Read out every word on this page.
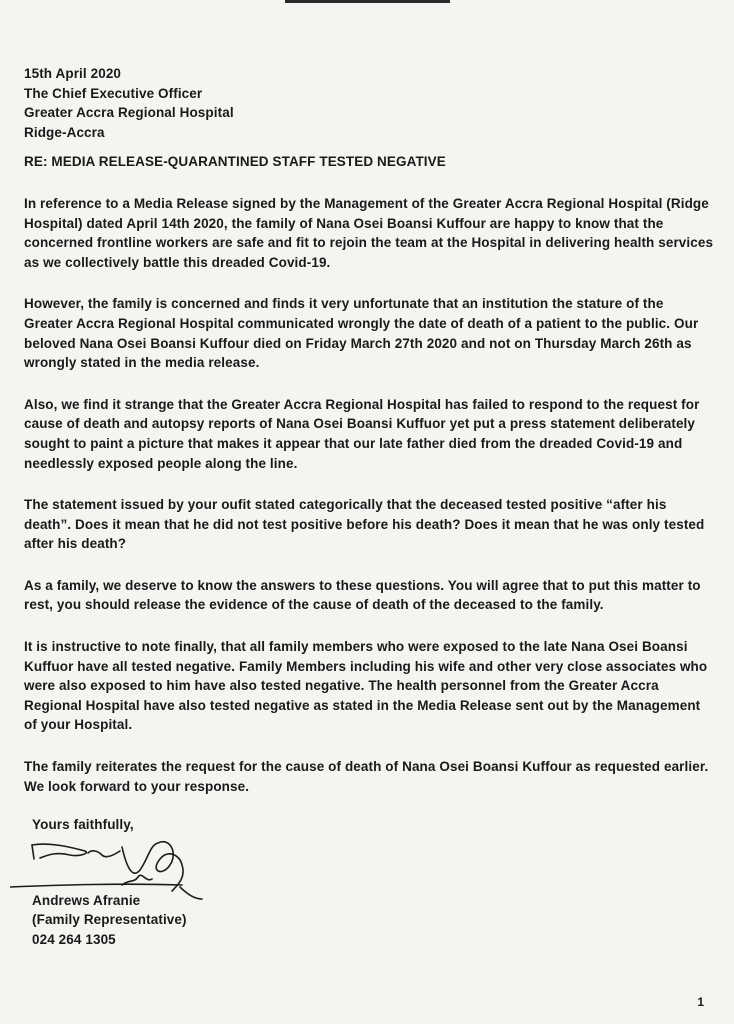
15th April 2020
The Chief Executive Officer
Greater Accra Regional Hospital
Ridge-Accra
RE: MEDIA RELEASE-QUARANTINED STAFF TESTED NEGATIVE

In reference to a Media Release signed by the Management of the Greater Accra Regional Hospital (Ridge Hospital) dated April 14th 2020, the family of Nana Osei Boansi Kuffour are happy to know that the concerned frontline workers are safe and fit to rejoin the team at the Hospital in delivering health services as we collectively battle this dreaded Covid-19.

However, the family is concerned and finds it very unfortunate that an institution the stature of the Greater Accra Regional Hospital communicated wrongly the date of death of a patient to the public. Our beloved Nana Osei Boansi Kuffour died on Friday March 27th 2020 and not on Thursday March 26th as wrongly stated in the media release.

Also, we find it strange that the Greater Accra Regional Hospital has failed to respond to the request for cause of death and autopsy reports of Nana Osei Boansi Kuffuor yet put a press statement deliberately sought to paint a picture that makes it appear that our late father died from the dreaded Covid-19 and needlessly exposed people along the line.

The statement issued by your oufit stated categorically that the deceased tested positive “after his death”. Does it mean that he did not test positive before his death? Does it mean that he was only tested after his death?

As a family, we deserve to know the answers to these questions. You will agree that to put this matter to rest, you should release the evidence of the cause of death of the deceased to the family.

It is instructive to note finally, that all family members who were exposed to the late Nana Osei Boansi Kuffuor have all tested negative. Family Members including his wife and other very close associates who were also exposed to him have also tested negative. The health personnel from the Greater Accra Regional Hospital have also tested negative as stated in the Media Release sent out by the Management of your Hospital.

The family reiterates the request for the cause of death of Nana Osei Boansi Kuffour as requested earlier. We look forward to your response.

Yours faithfully,
Andrews Afranie
(Family Representative)
024 264 1305
1
